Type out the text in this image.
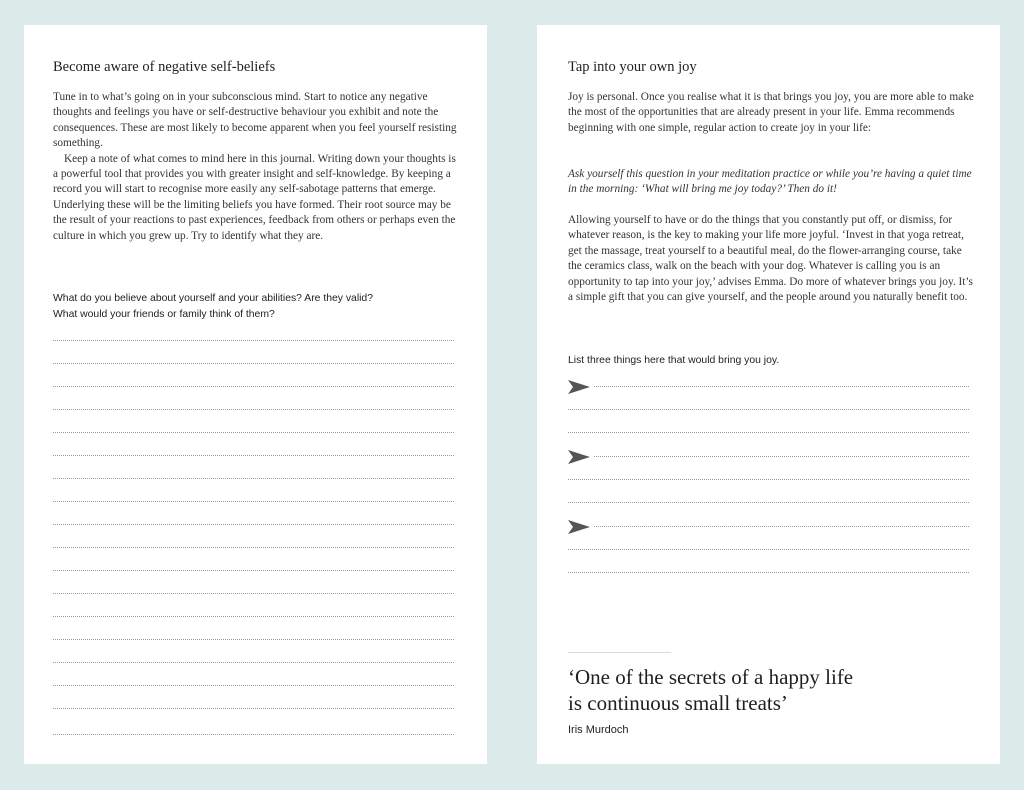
Become aware of negative self-beliefs

Tune in to what’s going on in your subconscious mind. Start to notice any negative thoughts and feelings you have or self-destructive behaviour you exhibit and note the consequences. These are most likely to become apparent when you feel yourself resisting something.

Keep a note of what comes to mind here in this journal. Writing down your thoughts is a powerful tool that provides you with greater insight and self-knowledge. By keeping a record you will start to recognise more easily any self-sabotage patterns that emerge. Underlying these will be the limiting beliefs you have formed. Their root source may be the result of your reactions to past experiences, feedback from others or perhaps even the culture in which you grew up. Try to identify what they are.

What do you believe about yourself and your abilities? Are they valid?
What would your friends or family think of them?
Tap into your own joy
Joy is personal. Once you realise what it is that brings you joy, you are more able to make the most of the opportunities that are already present in your life. Emma recommends beginning with one simple, regular action to create joy in your life:
Ask yourself this question in your meditation practice or while you’re having a quiet time in the morning: ‘What will bring me joy today?’ Then do it!
Allowing yourself to have or do the things that you constantly put off, or dismiss, for whatever reason, is the key to making your life more joyful. ‘Invest in that yoga retreat, get the massage, treat yourself to a beautiful meal, do the flower-arranging course, take the ceramics class, walk on the beach with your dog. Whatever is calling you is an opportunity to tap into your joy,’ advises Emma. Do more of whatever brings you joy. It’s a simple gift that you can give yourself, and the people around you naturally benefit too.
List three things here that would bring you joy.
‘One of the secrets of a happy life
is continuous small treats’
Iris Murdoch
